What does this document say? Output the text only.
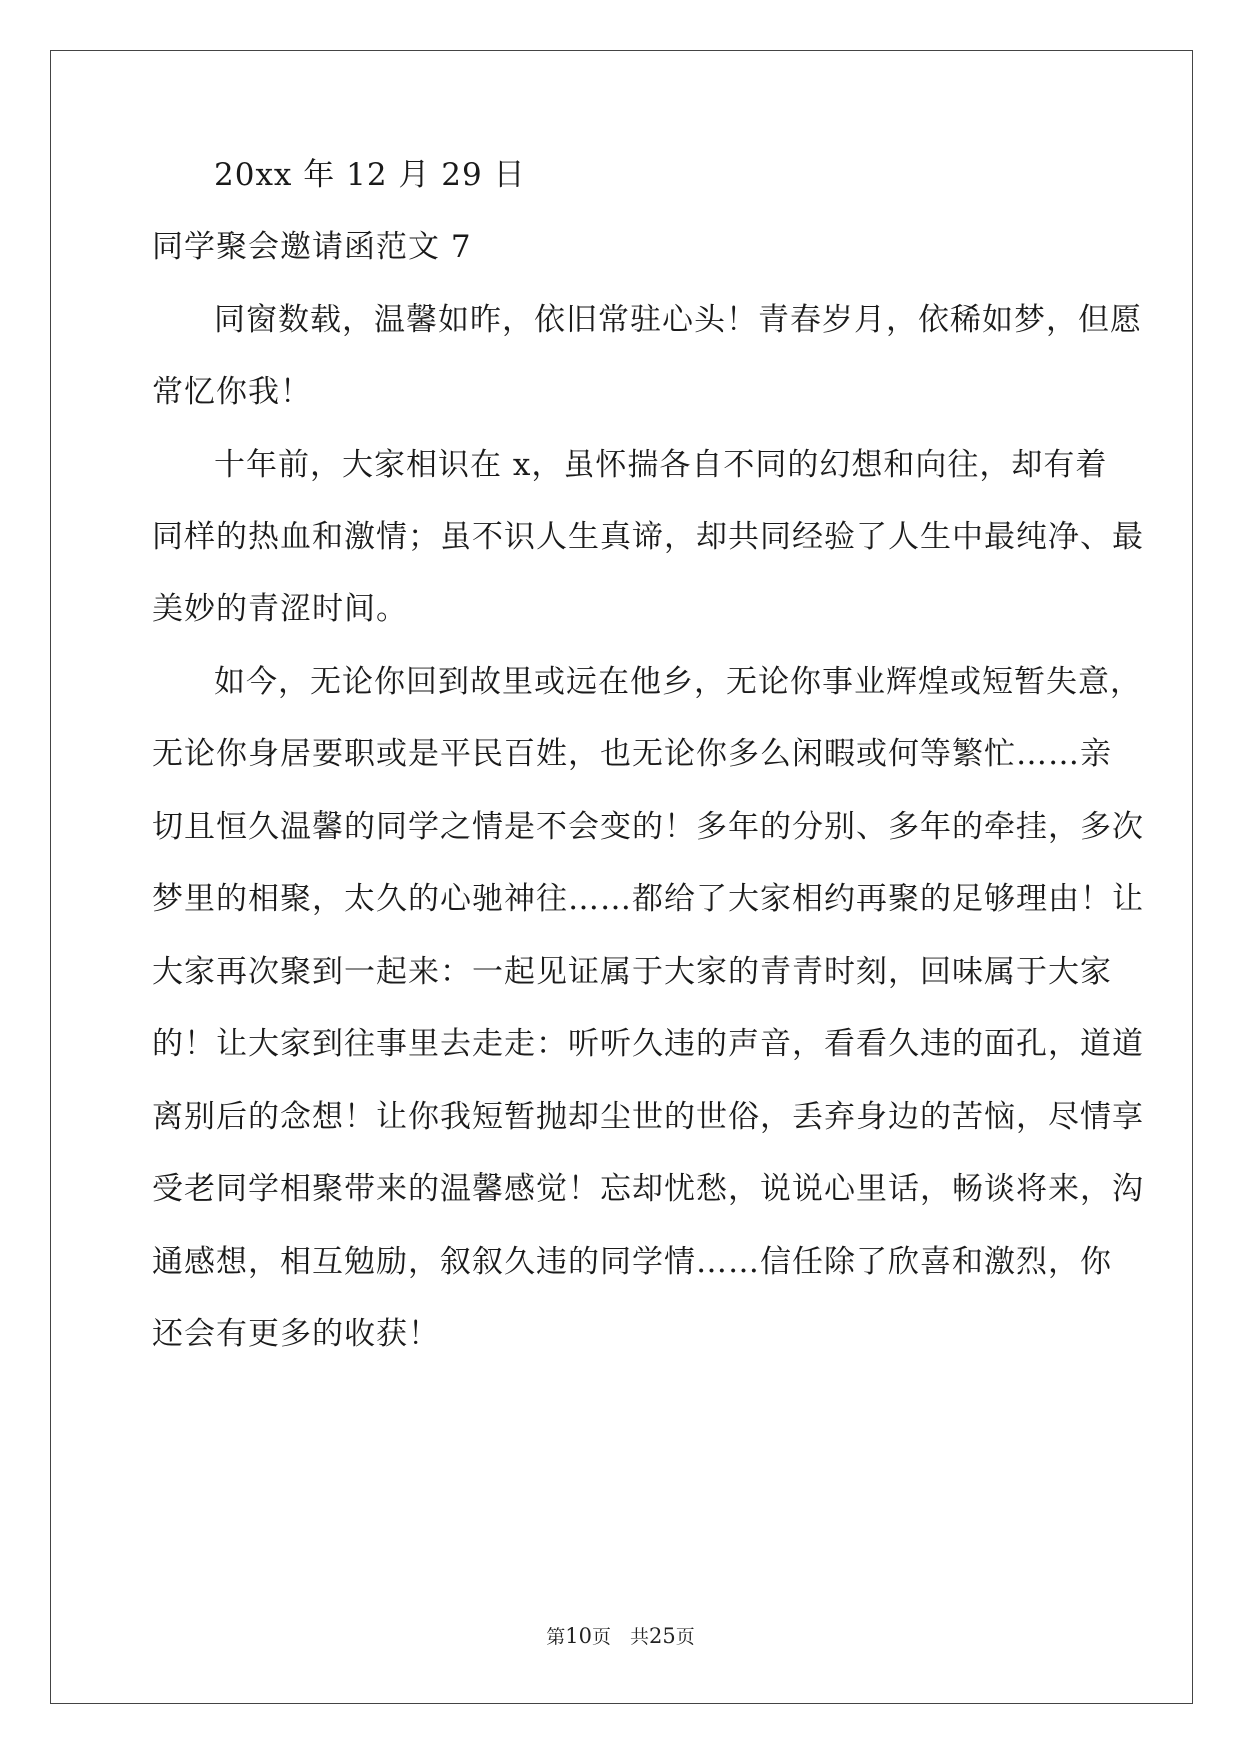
20xx 年 12 月 29 日
同学聚会邀请函范文 7
同窗数载，温馨如昨，依旧常驻心头！青春岁月，依稀如梦，但愿
常忆你我！
十年前，大家相识在 x，虽怀揣各自不同的幻想和向往，却有着
同样的热血和激情；虽不识人生真谛，却共同经验了人生中最纯净、最
美妙的青涩时间。
如今，无论你回到故里或远在他乡，无论你事业辉煌或短暂失意，
无论你身居要职或是平民百姓，也无论你多么闲暇或何等繁忙……亲
切且恒久温馨的同学之情是不会变的！多年的分别、多年的牵挂，多次
梦里的相聚，太久的心驰神往……都给了大家相约再聚的足够理由！让
大家再次聚到一起来：一起见证属于大家的青青时刻，回味属于大家
的！让大家到往事里去走走：听听久违的声音，看看久违的面孔，道道
离别后的念想！让你我短暂抛却尘世的世俗，丢弃身边的苦恼，尽情享
受老同学相聚带来的温馨感觉！忘却忧愁，说说心里话，畅谈将来，沟
通感想，相互勉励，叙叙久违的同学情……信任除了欣喜和激烈，你
还会有更多的收获！
第10页　共25页
